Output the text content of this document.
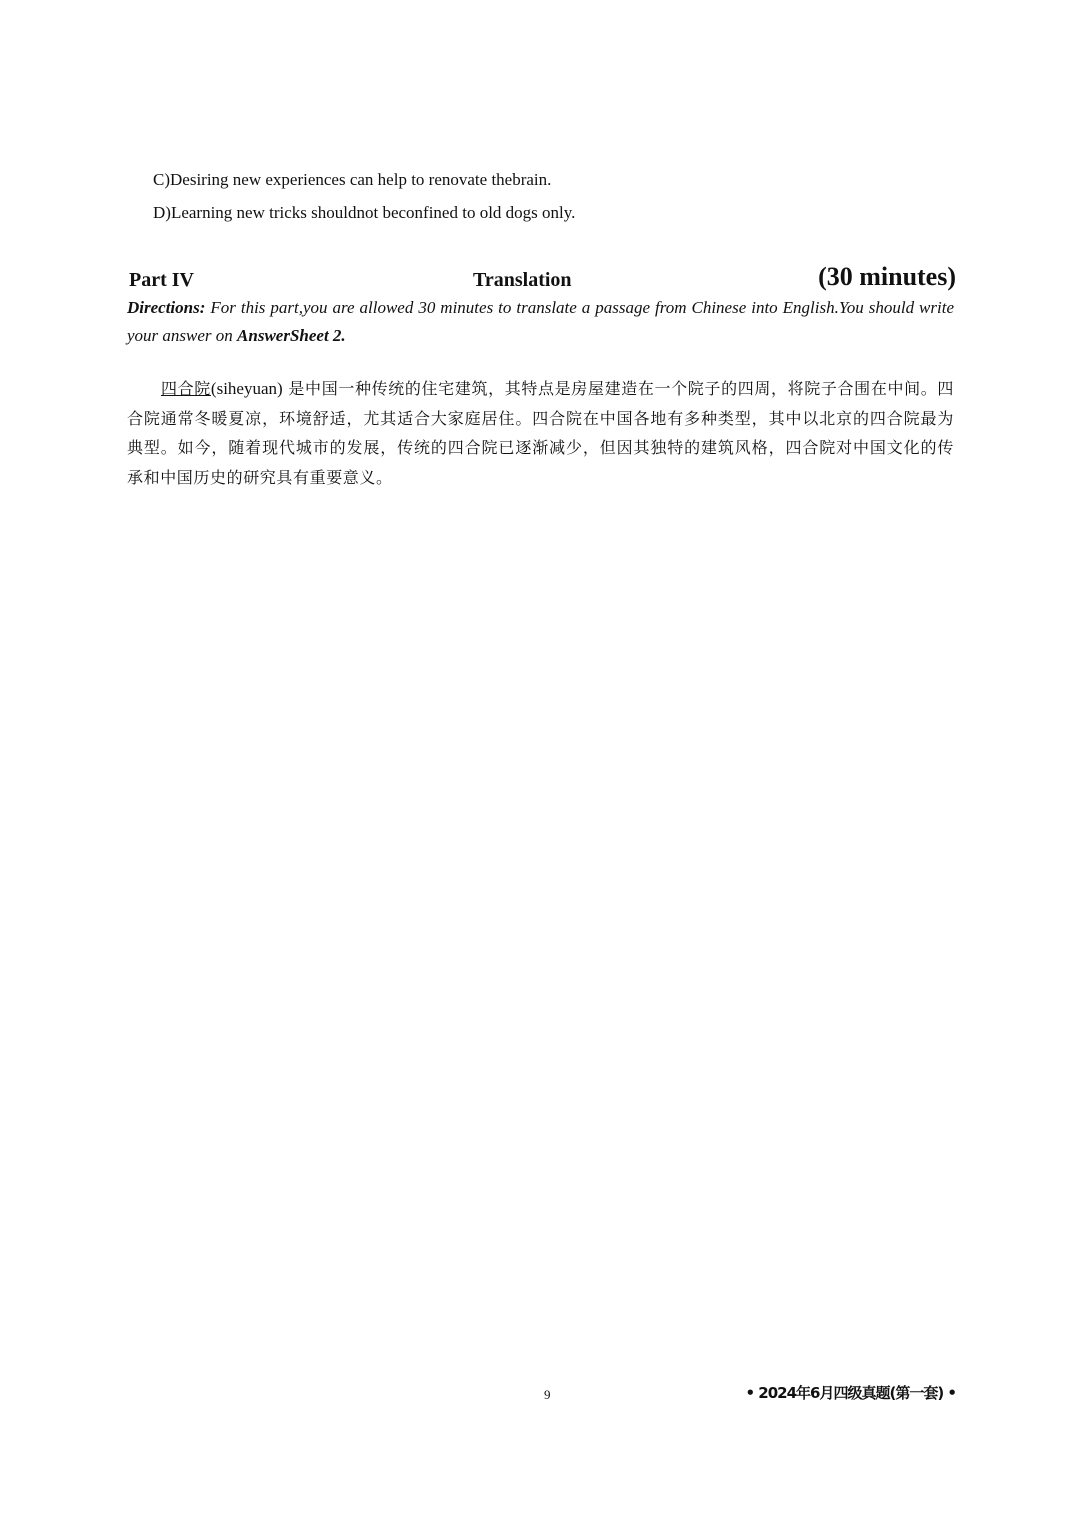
C)Desiring new experiences can help to renovate thebrain.
D)Learning new tricks shouldnot beconfined to old dogs only.
Part IV	Translation	(30 minutes)
Directions: For this part,you are allowed 30 minutes to translate a passage from Chinese into English.You should write your answer on AnswerSheet 2.
四合院(siheyuan) 是中国一种传统的住宅建筑，其特点是房屋建造在一个院子的四周，将院子合围在中间。四合院通常冬暖夏凉，环境舒适，尤其适合大家庭居住。四合院在中国各地有多种类型，其中以北京的四合院最为典型。如今，随着现代城市的发展，传统的四合院已逐渐减少，但因其独特的建筑风格，四合院对中国文化的传承和中国历史的研究具有重要意义。
9	• 2024年6月四级真题(第一套) •
